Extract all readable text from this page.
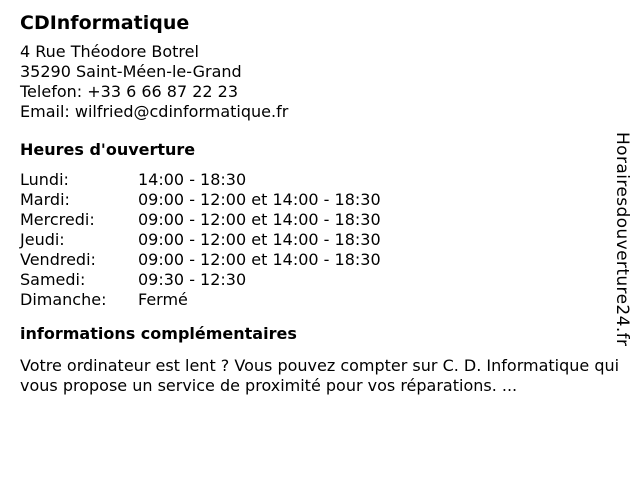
CDInformatique
4 Rue Théodore Botrel
35290 Saint-Méen-le-Grand
Telefon: +33 6 66 87 22 23
Email: wilfried@cdinformatique.fr
Heures d'ouverture
Lundi:	14:00 - 18:30
Mardi:	09:00 - 12:00 et 14:00 - 18:30
Mercredi:	09:00 - 12:00 et 14:00 - 18:30
Jeudi:	09:00 - 12:00 et 14:00 - 18:30
Vendredi:	09:00 - 12:00 et 14:00 - 18:30
Samedi:	09:30 - 12:30
Dimanche:	Fermé
informations complémentaires
Votre ordinateur est lent ? Vous pouvez compter sur C. D. Informatique qui vous propose un service de proximité pour vos réparations. ...
Horairesdouverture24.fr
